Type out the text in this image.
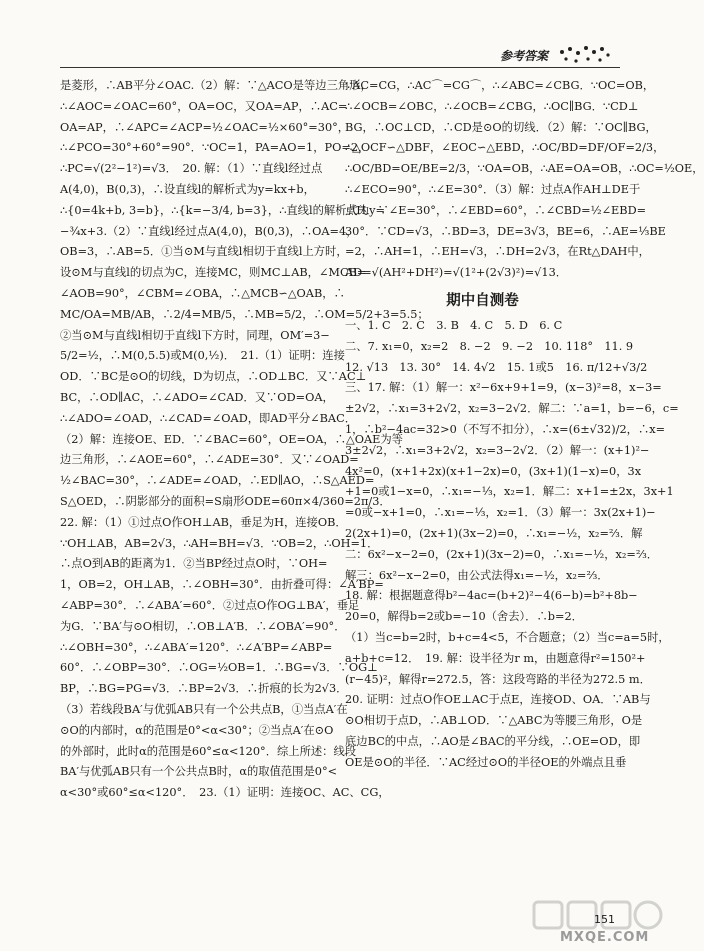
参考答案
是菱形，∴AB平分∠OAC.（2）解：∵△ACO是等边三角形，
∴∠AOC=∠OAC=60°，OA=OC，又OA=AP，∴AC=
OA=AP，∴∠APC=∠ACP=½∠OAC=½×60°=30°，
∴∠PCO=30°+60°=90°．∵OC=1，PA=AO=1，PO=2，
∴PC=√(2²−1²)=√3．　20. 解：（1）∵直线l经过点
A(4,0)，B(0,3)，∴设直线l的解析式为y=kx+b，
∴{0=4k+b, 3=b}，∴{k=−3/4, b=3}，∴直线l的解析式为y=
−¾x+3.（2）∵直线l经过点A(4,0)，B(0,3)，∴OA=4，
OB=3，∴AB=5．①当⊙M与直线l相切于直线l上方时，
设⊙M与直线l的切点为C，连接MC，则MC⊥AB，∠MCB=
∠AOB=90°，∠CBM=∠OBA，∴△MCB∽△OAB，∴
MC/OA=MB/AB，∴2/4=MB/5，∴MB=5/2，∴OM=5/2+3=5.5；
②当⊙M与直线l相切于直线l下方时，同理，OM′=3−
5/2=½，∴M(0,5.5)或M(0,½)．　21.（1）证明：连接
OD．∵BC是⊙O的切线，D为切点，∴OD⊥BC．又∵AC⊥
BC，∴OD∥AC，∴∠ADO=∠CAD．又∵OD=OA，
∴∠ADO=∠OAD，∴∠CAD=∠OAD，即AD平分∠BAC．
（2）解：连接OE、ED．∵∠BAC=60°，OE=OA，∴△OAE为等
边三角形，∴∠AOE=60°，∴∠ADE=30°．又∵∠OAD=
½∠BAC=30°，∴∠ADE=∠OAD，∴ED∥AO，∴S△AED=
S△OED，∴阴影部分的面积=S扇形ODE=60π×4/360=2π/3．
22. 解：（1）①过点O作OH⊥AB，垂足为H，连接OB．
∵OH⊥AB，AB=2√3，∴AH=BH=√3．∵OB=2，∴OH=1．
∴点O到AB的距离为1．②当BP经过点O时，∵OH=
1，OB=2，OH⊥AB，∴∠OBH=30°．由折叠可得：∠A′BP=
∠ABP=30°．∴∠ABA′=60°．②过点O作OG⊥BA′，垂足
为G．∵BA′与⊙O相切，∴OB⊥A′B．∴∠OBA′=90°．
∴∠OBH=30°，∴∠ABA′=120°．∴∠A′BP=∠ABP=
60°．∴∠OBP=30°．∴OG=½OB=1．∴BG=√3．∵OG⊥
BP，∴BG=PG=√3．∴BP=2√3．∴折痕的长为2√3．
（3）若线段BA′与优弧AB只有一个公共点B，①当点A′在
⊙O的内部时，α的范围是0°<α<30°；②当点A′在⊙O
的外部时，此时α的范围是60°≤α<120°．综上所述：线段
BA′与优弧AB只有一个公共点B时，α的取值范围是0°<
α<30°或60°≤α<120°．　23.（1）证明：连接OC、AC、CG，
∵AC=CG，∴AC⌒=CG⌒，∴∠ABC=∠CBG．∵OC=OB，
∴∠OCB=∠OBC，∴∠OCB=∠CBG，∴OC∥BG．∵CD⊥
BG，∴OC⊥CD，∴CD是⊙O的切线．（2）解：∵OC∥BG，
∴△OCF∽△DBF，∠EOC∽△EBD，∴OC/BD=DF/OF=2/3，
∴OC/BD=OE/BE=2/3，∵OA=OB，∴AE=OA=OB，∴OC=½OE，
∴∠ECO=90°，∴∠E=30°．（3）解：过点A作AH⊥DE于
点H．∵∠E=30°，∴∠EBD=60°，∴∠CBD=½∠EBD=
30°．∵CD=√3，∴BD=3，DE=3√3，BE=6，∴AE=⅓BE
=2，∴AH=1，∴EH=√3，∴DH=2√3，在Rt△DAH中，
AD=√(AH²+DH²)=√(1²+(2√3)²)=√13．
期中自测卷
一、1. C　2. C　3. B　4. C　5. D　6. C
二、7. x₁=0，x₂=2　8. −2　9. −2　10. 118°　11. 9
12. √13　13. 30°　14. 4√2　15. 1或5　16. π/12+√3/2
三、17. 解：（1）解一：x²−6x+9+1=9，(x−3)²=8，x−3=
±2√2，∴x₁=3+2√2，x₂=3−2√2．解二：∵a=1，b=−6，c=
1，∴b²−4ac=32>0（不写不扣分），∴x=(6±√32)/2，∴x=
3±2√2，∴x₁=3+2√2，x₂=3−2√2．（2）解一：(x+1)²−
4x²=0，(x+1+2x)(x+1−2x)=0，(3x+1)(1−x)=0，3x
+1=0或1−x=0，∴x₁=−⅓，x₂=1．解二：x+1=±2x，3x+1
=0或−x+1=0，∴x₁=−⅓，x₂=1．（3）解一：3x(2x+1)−
2(2x+1)=0，(2x+1)(3x−2)=0，∴x₁=−½，x₂=⅔．解
二：6x²−x−2=0，(2x+1)(3x−2)=0，∴x₁=−½，x₂=⅔．
解三：6x²−x−2=0，由公式法得x₁=−½，x₂=⅔．
18. 解：根据题意得b²−4ac=(b+2)²−4(6−b)=b²+8b−
20=0，解得b=2或b=−10（舍去）．∴b=2．
（1）当c=b=2时，b+c=4<5，不合题意；（2）当c=a=5时，
a+b+c=12．　19. 解：设半径为r m，由题意得r²=150²+
(r−45)²，解得r=272.5，答：这段弯路的半径为272.5 m．
20. 证明：过点O作OE⊥AC于点E，连接OD、OA．∵AB与
⊙O相切于点D，∴AB⊥OD．∵△ABC为等腰三角形，O是
底边BC的中点，∴AO是∠BAC的平分线，∴OE=OD，即
OE是⊙O的半径．∵AC经过⊙O的半径OE的外端点且垂
MXQE.COM
151
